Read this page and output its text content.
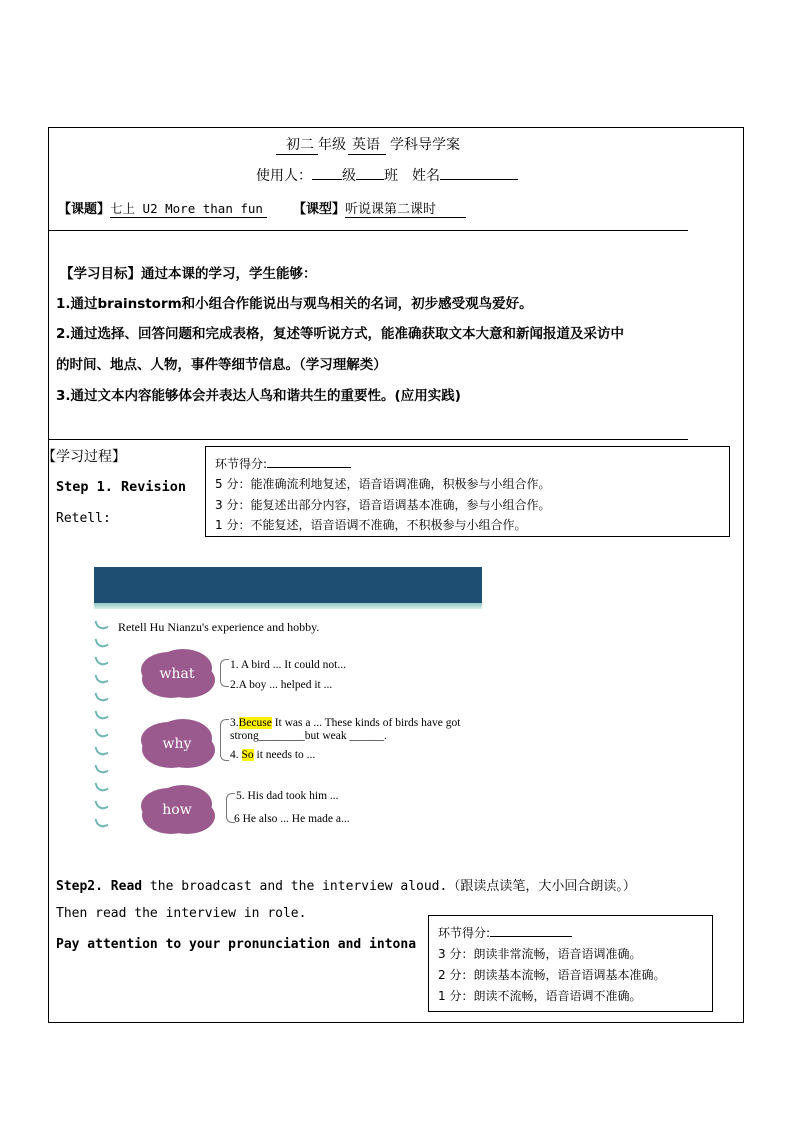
初二 年级 英语 学科导学案
使用人： 级 班 姓名
【课题】七上 U2 More than fun 【课型】听说课第二课时
【学习目标】通过本课的学习，学生能够：
1.通过brainstorm和小组合作能说出与观鸟相关的名词，初步感受观鸟爱好。
2.通过选择、回答问题和完成表格，复述等听说方式，能准确获取文本大意和新闻报道及采访中
的时间、地点、人物，事件等细节信息。（学习理解类）
3.通过文本内容能够体会并表达人鸟和谐共生的重要性。(应用实践)
【学习过程】
Step 1. Revision
Retell:
环节得分:
5 分：能准确流利地复述，语音语调准确，积极参与小组合作。
3 分：能复述出部分内容，语音语调基本准确，参与小组合作。
1 分：不能复述，语音语调不准确，不积极参与小组合作。
Retell Hu Nianzu's experience and hobby.
what
1. A bird ... It could not...
2.A boy ... helped it ...
why
3.Becuse It was a ... These kinds of birds have got
strong________but weak ______.
4. So it needs to ...
how
5. His dad took him ...
6 He also ... He made a...
Step2. Read the broadcast and the interview aloud.（跟读点读笔，大小回合朗读。）
Then read the interview in role.
Pay attention to your pronunciation and intona
环节得分:
3 分：朗读非常流畅，语音语调准确。
2 分：朗读基本流畅，语音语调基本准确。
1 分：朗读不流畅，语音语调不准确。
